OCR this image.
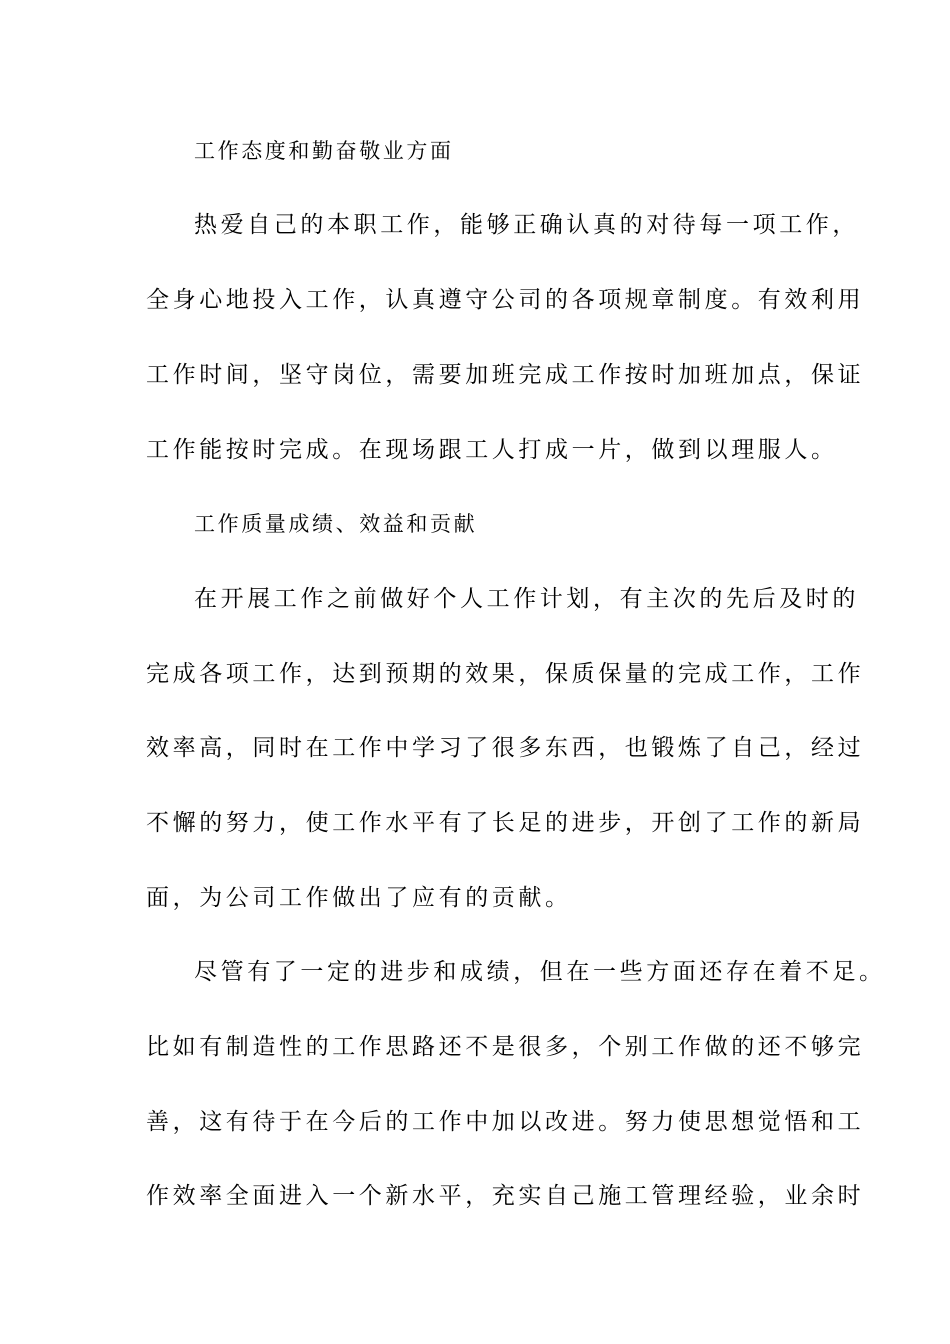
工作态度和勤奋敬业方面
热爱自己的本职工作，能够正确认真的对待每一项工作，
全身心地投入工作，认真遵守公司的各项规章制度。有效利用
工作时间，坚守岗位，需要加班完成工作按时加班加点，保证
工作能按时完成。在现场跟工人打成一片，做到以理服人。
工作质量成绩、效益和贡献
在开展工作之前做好个人工作计划，有主次的先后及时的
完成各项工作，达到预期的效果，保质保量的完成工作，工作
效率高，同时在工作中学习了很多东西，也锻炼了自己，经过
不懈的努力，使工作水平有了长足的进步，开创了工作的新局
面，为公司工作做出了应有的贡献。
尽管有了一定的进步和成绩，但在一些方面还存在着不足。
比如有制造性的工作思路还不是很多，个别工作做的还不够完
善，这有待于在今后的工作中加以改进。努力使思想觉悟和工
作效率全面进入一个新水平，充实自己施工管理经验，业余时
